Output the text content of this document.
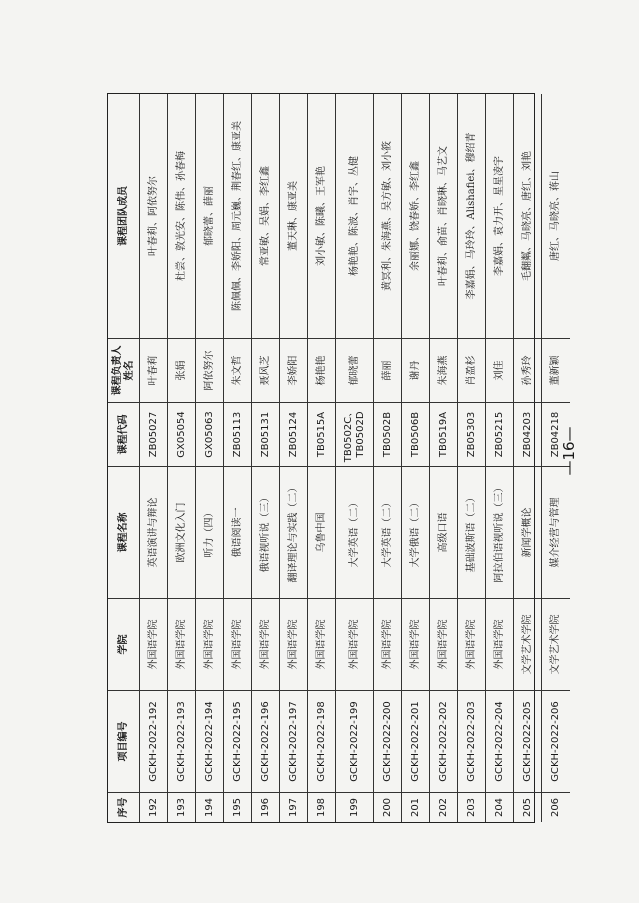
序号
项目编号
学院
课程名称
课程代码
课程负责人姓名
课程团队成员
192
GCKH-2022-192
外国语学院
英语演讲与辩论
ZB05027
叶春莉
叶春莉、阿依努尔
193
GCKH-2022-193
外国语学院
欧洲文化入门
GX05054
张娟
杜尝、敦光安、陈伟、孙春梅
194
GCKH-2022-194
外国语学院
听力（四）
GX05063
阿依努尔
郁晓蕾、薛丽
195
GCKH-2022-195
外国语学院
俄语阅读一
ZB05113
朱文哲
陈佩佩、李娇阳、周元巍、荆春红、康亚美
196
GCKH-2022-196
外国语学院
俄语视听说（三）
ZB05131
聂风芝
常亚敏、吴娟、李红鑫
197
GCKH-2022-197
外国语学院
翻译理论与实践（二）
ZB05124
李娇阳
董天琳、康亚美
198
GCKH-2022-198
外国语学院
乌鲁中国
TB0515A
杨艳艳
刘小敏、陈曦、王军艳
199
GCKH-2022-199
外国语学院
大学英语（二）
TB0502C、TB0502D
郁晓蕾
杨艳艳、陈波、肖宇、丛健
200
GCKH-2022-200
外国语学院
大学英语（二）
TB0502B
薛丽
黄冥利、朱海燕、吴方敏、刘小筱
201
GCKH-2022-201
外国语学院
大学俄语（二）
TB0506B
谢丹
余丽娜、饶春娇、李红鑫
202
GCKH-2022-202
外国语学院
高级口语
TB0519A
朱海燕
叶春莉、俞苗、肖晓琳、马艺文
203
GCKH-2022-203
外国语学院
基础波斯语（二）
ZB05303
肖盈杉
李嘉娟、马玲玲、Alishafiei、穆绍青
204
GCKH-2022-204
外国语学院
阿拉伯语视听说（三）
ZB05215
刘佳
李嘉娟、袁力开、星星凌宇
205
GCKH-2022-205
文学艺术学院
新闻学概论
ZB04203
孙秀玲
毛翻粼、马晓亮、唐红、刘艳
206
GCKH-2022-206
文学艺术学院
媒介经营与管理
ZB04218
董新颖
唐红、马晓亮、蒋山
—16—
